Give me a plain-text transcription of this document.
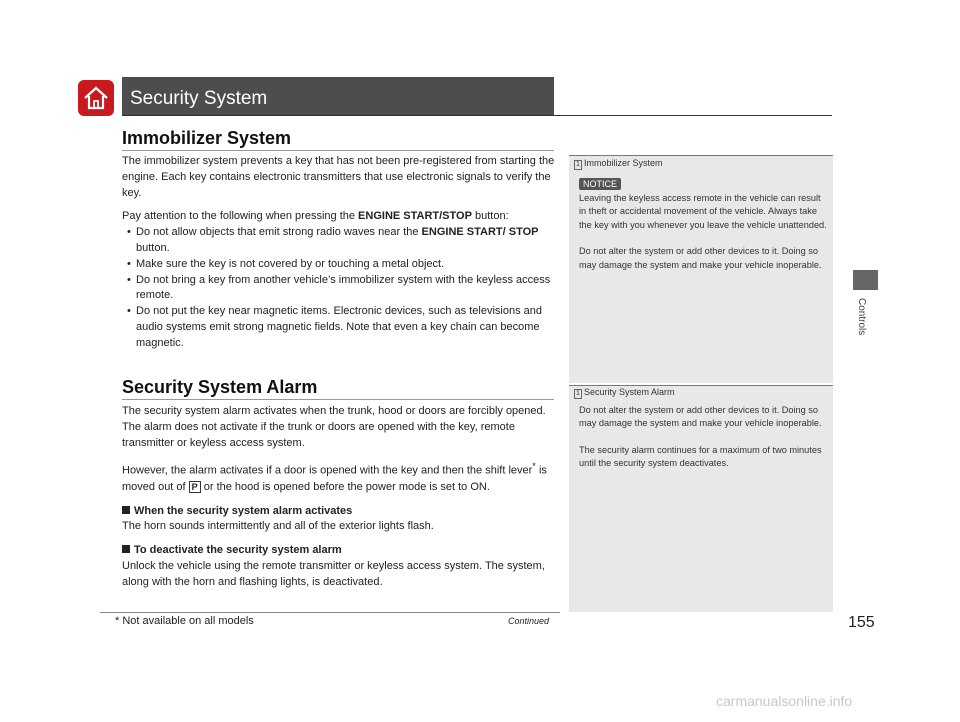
Security System
Immobilizer System

The immobilizer system prevents a key that has not been pre-registered from starting the engine. Each key contains electronic transmitters that use electronic signals to verify the key.

Pay attention to the following when pressing the ENGINE START/STOP button:

• Do not allow objects that emit strong radio waves near the ENGINE START/ STOP button.

• Make sure the key is not covered by or touching a metal object.

• Do not bring a key from another vehicle’s immobilizer system with the keyless access remote.

• Do not put the key near magnetic items. Electronic devices, such as televisions and audio systems emit strong magnetic fields. Note that even a key chain can become magnetic.

Security System Alarm

The security system alarm activates when the trunk, hood or doors are forcibly opened. The alarm does not activate if the trunk or doors are opened with the key, remote transmitter or keyless access system.

However, the alarm activates if a door is opened with the key and then the shift lever* is moved out of P or the hood is opened before the power mode is set to ON.

When the security system alarm activates

The horn sounds intermittently and all of the exterior lights flash.

To deactivate the security system alarm

Unlock the vehicle using the remote transmitter or keyless access system. The system, along with the horn and flashing lights, is deactivated.

1 Immobilizer System
NOTICE

Leaving the keyless access remote in the vehicle can result in theft or accidental movement of the vehicle. Always take the key with you whenever you leave the vehicle unattended.

Do not alter the system or add other devices to it. Doing so may damage the system and make your vehicle inoperable.

1 Security System Alarm

Do not alter the system or add other devices to it. Doing so may damage the system and make your vehicle inoperable.

The security alarm continues for a maximum of two minutes until the security system deactivates.

Controls
* Not available on all models	Continued	155
carmanualsonline.info
